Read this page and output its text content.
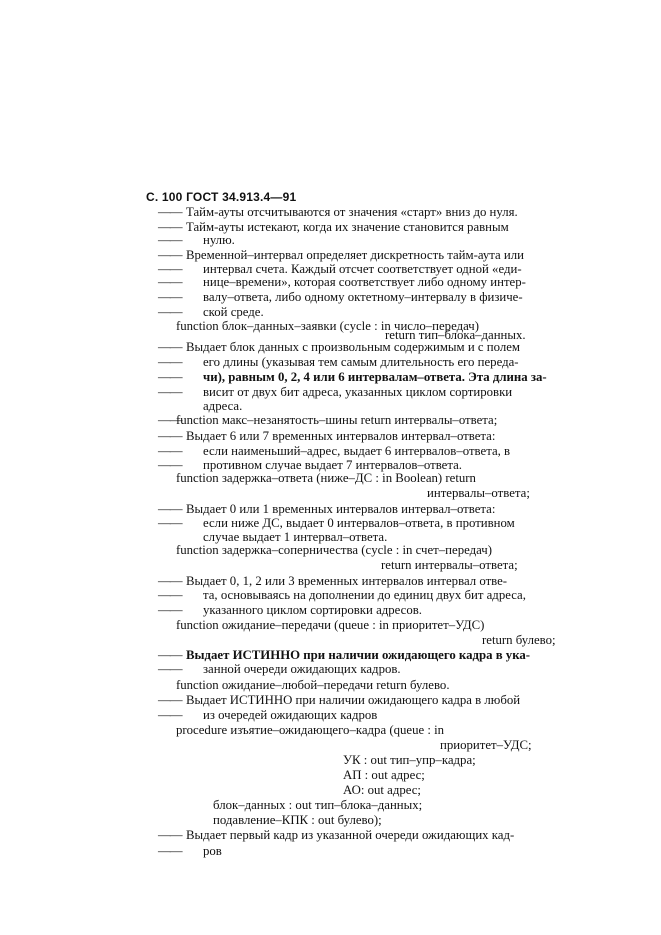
С. 100 ГОСТ 34.913.4—91
——
——
——
——
——
——
——
——
——
——
——
——
——
——
——
——
——
——
——
——
——
——
——
——
——
——
——
Тайм-ауты отсчитываются от значения «старт» вниз до нуля.
Тайм-ауты истекают, когда их значение становится равным
нулю.
Временной–интервал определяет дискретность тайм-аута или
интервал счета. Каждый отсчет соответствует одной «еди-
нице–времени», которая соответствует либо одному интер-
валу–ответа, либо одному октетному–интервалу в физиче-
ской среде.
function блок–данных–заявки (cycle : in число–передач)
return тип–блока–данных.
Выдает блок данных с произвольным содержимым и с полем
его длины (указывая тем самым длительность его переда-
чи), равным 0, 2, 4 или 6 интервалам–ответа. Эта длина за-
висит от двух бит адреса, указанных циклом сортировки
адреса.
function макс–незанятость–шины return интервалы–ответа;
Выдает 6 или 7 временных интервалов интервал–ответа:
если наименьший–адрес, выдает 6 интервалов–ответа, в
противном случае выдает 7 интервалов–ответа.
function задержка–ответа (ниже–ДС : in Boolean) return
интервалы–ответа;
Выдает 0 или 1 временных интервалов интервал–ответа:
если ниже ДС, выдает 0 интервалов–ответа, в противном
случае выдает 1 интервал–ответа.
function задержка–соперничества (cycle : in счет–передач)
return интервалы–ответа;
Выдает 0, 1, 2 или 3 временных интервалов интервал отве-
та, основываясь на дополнении до единиц двух бит адреса,
указанного циклом сортировки адресов.
function ожидание–передачи (queue : in приоритет–УДС)
return булево;
Выдает ИСТИННО при наличии ожидающего кадра в ука-
занной очереди ожидающих кадров.
function ожидание–любой–передачи return булево.
Выдает ИСТИННО при наличии ожидающего кадра в любой
из очередей ожидающих кадров
procedure изъятие–ожидающего–кадра (queue : in
приоритет–УДС;
УК : out тип–упр–кадра;
АП : out адрес;
АО: out адрес;
блок–данных : out тип–блока–данных;
подавление–КПК : out булево);
Выдает первый кадр из указанной очереди ожидающих кад-
ров
